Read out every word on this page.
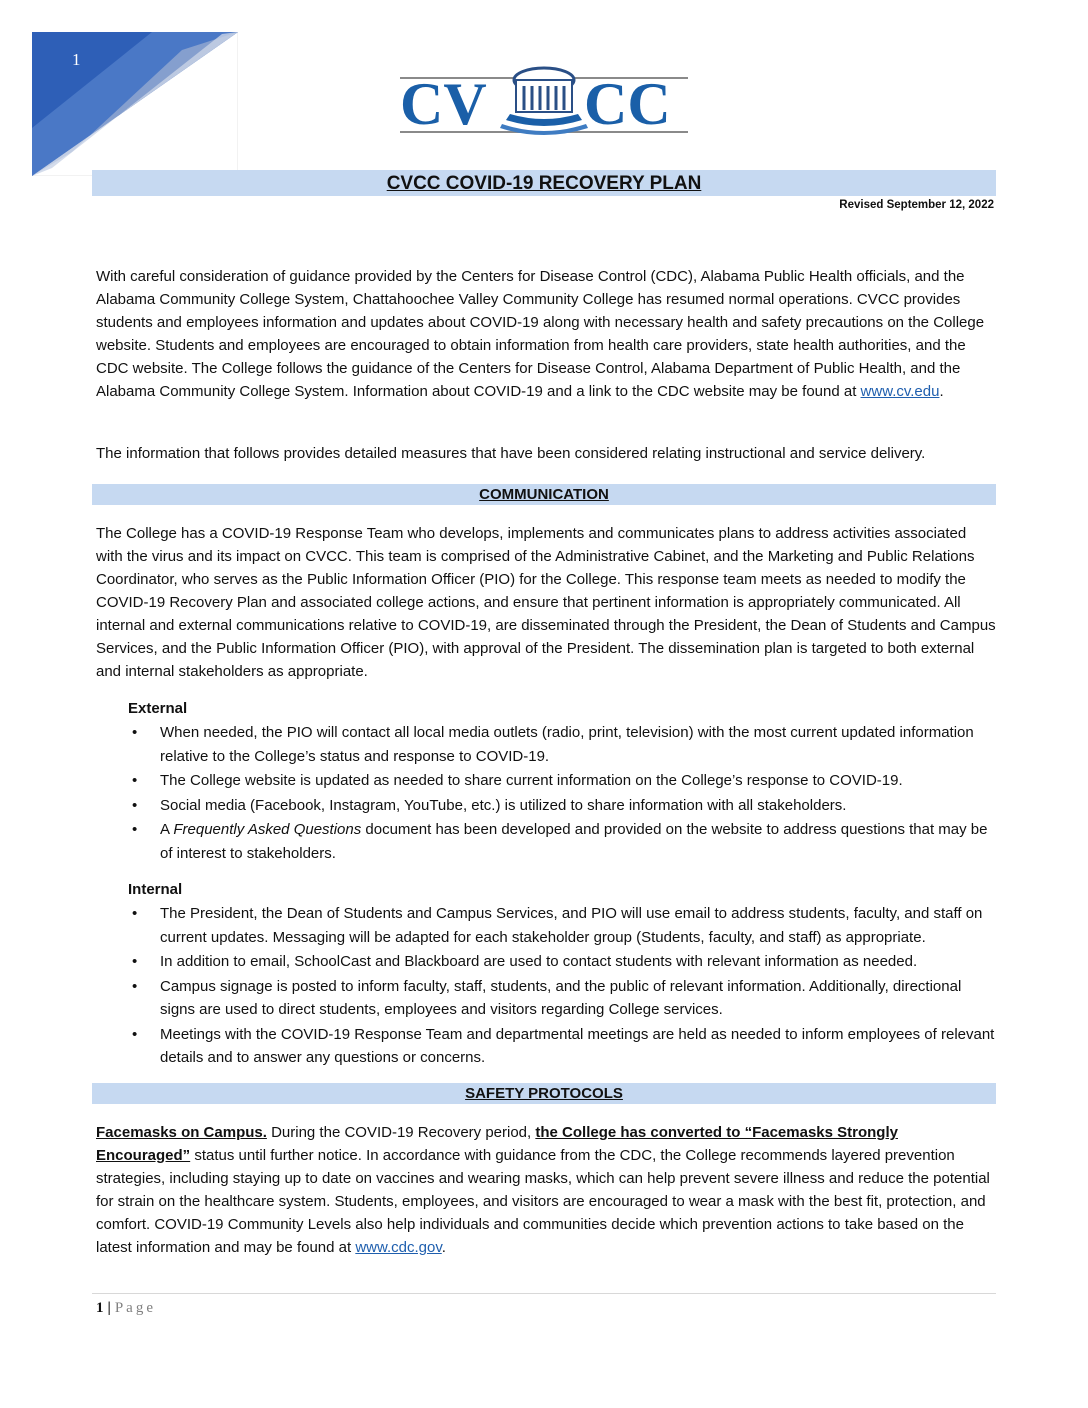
1
CV CC
CVCC COVID-19 RECOVERY PLAN
Revised September 12, 2022

With careful consideration of guidance provided by the Centers for Disease Control (CDC), Alabama Public Health officials, and the Alabama Community College System, Chattahoochee Valley Community College has resumed normal operations. CVCC provides students and employees information and updates about COVID-19 along with necessary health and safety precautions on the College website. Students and employees are encouraged to obtain information from health care providers, state health authorities, and the CDC website. The College follows the guidance of the Centers for Disease Control, Alabama Department of Public Health, and the Alabama Community College System. Information about COVID-19 and a link to the CDC website may be found at www.cv.edu.

The information that follows provides detailed measures that have been considered relating instructional and service delivery.

COMMUNICATION

The College has a COVID-19 Response Team who develops, implements and communicates plans to address activities associated with the virus and its impact on CVCC. This team is comprised of the Administrative Cabinet, and the Marketing and Public Relations Coordinator, who serves as the Public Information Officer (PIO) for the College. This response team meets as needed to modify the COVID-19 Recovery Plan and associated college actions, and ensure that pertinent information is appropriately communicated. All internal and external communications relative to COVID-19, are disseminated through the President, the Dean of Students and Campus Services, and the Public Information Officer (PIO), with approval of the President. The dissemination plan is targeted to both external and internal stakeholders as appropriate.

External
• When needed, the PIO will contact all local media outlets (radio, print, television) with the most current updated information relative to the College’s status and response to COVID-19.
• The College website is updated as needed to share current information on the College’s response to COVID-19.
• Social media (Facebook, Instagram, YouTube, etc.) is utilized to share information with all stakeholders.
• A Frequently Asked Questions document has been developed and provided on the website to address questions that may be of interest to stakeholders.
Internal
• The President, the Dean of Students and Campus Services, and PIO will use email to address students, faculty, and staff on current updates. Messaging will be adapted for each stakeholder group (Students, faculty, and staff) as appropriate.
• In addition to email, SchoolCast and Blackboard are used to contact students with relevant information as needed.
• Campus signage is posted to inform faculty, staff, students, and the public of relevant information. Additionally, directional signs are used to direct students, employees and visitors regarding College services.
• Meetings with the COVID-19 Response Team and departmental meetings are held as needed to inform employees of relevant details and to answer any questions or concerns.
SAFETY PROTOCOLS

Facemasks on Campus. During the COVID-19 Recovery period, the College has converted to “Facemasks Strongly Encouraged” status until further notice. In accordance with guidance from the CDC, the College recommends layered prevention strategies, including staying up to date on vaccines and wearing masks, which can help prevent severe illness and reduce the potential for strain on the healthcare system. Students, employees, and visitors are encouraged to wear a mask with the best fit, protection, and comfort. COVID-19 Community Levels also help individuals and communities decide which prevention actions to take based on the latest information and may be found at www.cdc.gov.

1 | Page
